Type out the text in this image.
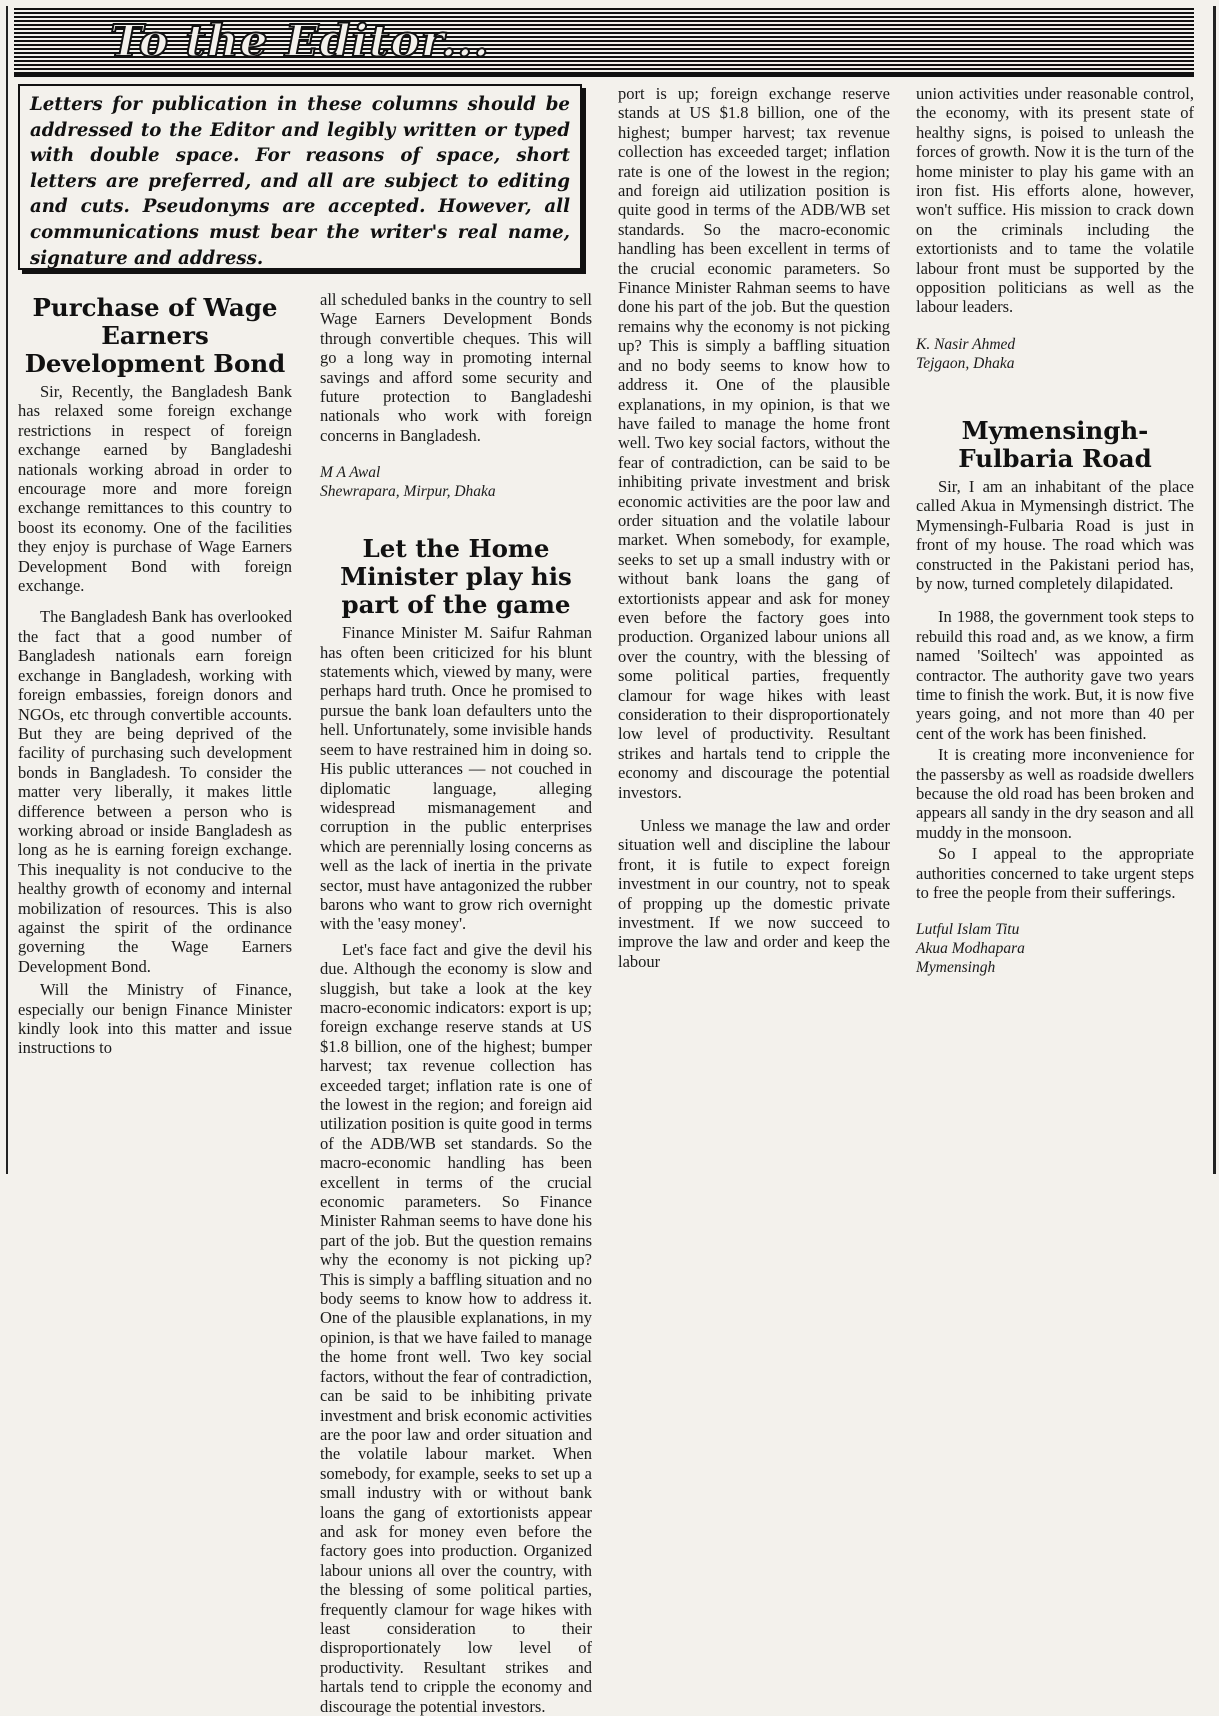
To the Editor...
Letters for publication in these columns should be addressed to the Editor and legibly written or typed with double space. For reasons of space, short letters are preferred, and all are subject to editing and cuts. Pseudonyms are accepted. However, all communications must bear the writer's real name, signature and address.
Purchase of Wage Earners Development Bond

Sir, Recently, the Bangladesh Bank has relaxed some foreign exchange restrictions in respect of foreign exchange earned by Bangladeshi nationals working abroad in order to encourage more and more foreign exchange remittances to this country to boost its economy. One of the facilities they enjoy is purchase of Wage Earners Development Bond with foreign exchange.

The Bangladesh Bank has overlooked the fact that a good number of Bangladesh nationals earn foreign exchange in Bangladesh, working with foreign embassies, foreign donors and NGOs, etc through convertible accounts. But they are being deprived of the facility of purchasing such development bonds in Bangladesh. To consider the matter very liberally, it makes little difference between a person who is working abroad or inside Bangladesh as long as he is earning foreign exchange. This inequality is not conducive to the healthy growth of economy and internal mobilization of resources. This is also against the spirit of the ordinance governing the Wage Earners Development Bond.

Will the Ministry of Finance, especially our benign Finance Minister kindly look into this matter and issue instructions to

all scheduled banks in the country to sell Wage Earners Development Bonds through convertible cheques. This will go a long way in promoting internal savings and afford some security and future protection to Bangladeshi nationals who work with foreign concerns in Bangladesh.

M A Awal

Shewrapara, Mirpur, Dhaka

Let the Home Minister play his part of the game

Finance Minister M. Saifur Rahman has often been criticized for his blunt statements which, viewed by many, were perhaps hard truth. Once he promised to pursue the bank loan defaulters unto the hell. Unfortunately, some invisible hands seem to have restrained him in doing so. His public utterances — not couched in diplomatic language, alleging widespread mismanagement and corruption in the public enterprises which are perennially losing concerns as well as the lack of inertia in the private sector, must have antagonized the rubber barons who want to grow rich overnight with the 'easy money'.

Let's face fact and give the devil his due. Although the economy is slow and sluggish, but take a look at the key macro-economic indicators: export is up; foreign exchange reserve stands at US $1.8 billion, one of the highest; bumper harvest; tax revenue collection has exceeded target; inflation rate is one of the lowest in the region; and foreign aid utilization position is quite good in terms of the ADB/WB set standards. So the macro-economic handling has been excellent in terms of the crucial economic parameters. So Finance Minister Rahman seems to have done his part of the job. But the question remains why the economy is not picking up? This is simply a baffling situation and no body seems to know how to address it. One of the plausible explanations, in my opinion, is that we have failed to manage the home front well. Two key social factors, without the fear of contradiction, can be said to be inhibiting private investment and brisk economic activities are the poor law and order situation and the volatile labour market. When somebody, for example, seeks to set up a small industry with or without bank loans the gang of extortionists appear and ask for money even before the factory goes into production. Organized labour unions all over the country, with the blessing of some political parties, frequently clamour for wage hikes with least consideration to their disproportionately low level of productivity. Resultant strikes and hartals tend to cripple the economy and discourage the potential investors.

port is up; foreign exchange reserve stands at US $1.8 billion, one of the highest; bumper harvest; tax revenue collection has exceeded target; inflation rate is one of the lowest in the region; and foreign aid utilization position is quite good in terms of the ADB/WB set standards. So the macro-economic handling has been excellent in terms of the crucial economic parameters. So Finance Minister Rahman seems to have done his part of the job. But the question remains why the economy is not picking up? This is simply a baffling situation and no body seems to know how to address it. One of the plausible explanations, in my opinion, is that we have failed to manage the home front well. Two key social factors, without the fear of contradiction, can be said to be inhibiting private investment and brisk economic activities are the poor law and order situation and the volatile labour market. When somebody, for example, seeks to set up a small industry with or without bank loans the gang of extortionists appear and ask for money even before the factory goes into production. Organized labour unions all over the country, with the blessing of some political parties, frequently clamour for wage hikes with least consideration to their disproportionately low level of productivity. Resultant strikes and hartals tend to cripple the economy and discourage the potential investors.

Unless we manage the law and order situation well and discipline the labour front, it is futile to expect foreign investment in our country, not to speak of propping up the domestic private investment. If we now succeed to improve the law and order and keep the labour

union activities under reasonable control, the economy, with its present state of healthy signs, is poised to unleash the forces of growth. Now it is the turn of the home minister to play his game with an iron fist. His efforts alone, however, won't suffice. His mission to crack down on the criminals including the extortionists and to tame the volatile labour front must be supported by the opposition politicians as well as the labour leaders.

K. Nasir Ahmed

Tejgaon, Dhaka

Mymensingh-Fulbaria Road

Sir, I am an inhabitant of the place called Akua in Mymensingh district. The Mymensingh-Fulbaria Road is just in front of my house. The road which was constructed in the Pakistani period has, by now, turned completely dilapidated.

In 1988, the government took steps to rebuild this road and, as we know, a firm named 'Soiltech' was appointed as contractor. The authority gave two years time to finish the work. But, it is now five years going, and not more than 40 per cent of the work has been finished.

It is creating more inconvenience for the passersby as well as roadside dwellers because the old road has been broken and appears all sandy in the dry season and all muddy in the monsoon.

So I appeal to the appropriate authorities concerned to take urgent steps to free the people from their sufferings.

Lutful Islam Titu

Akua Modhapara

Mymensingh
